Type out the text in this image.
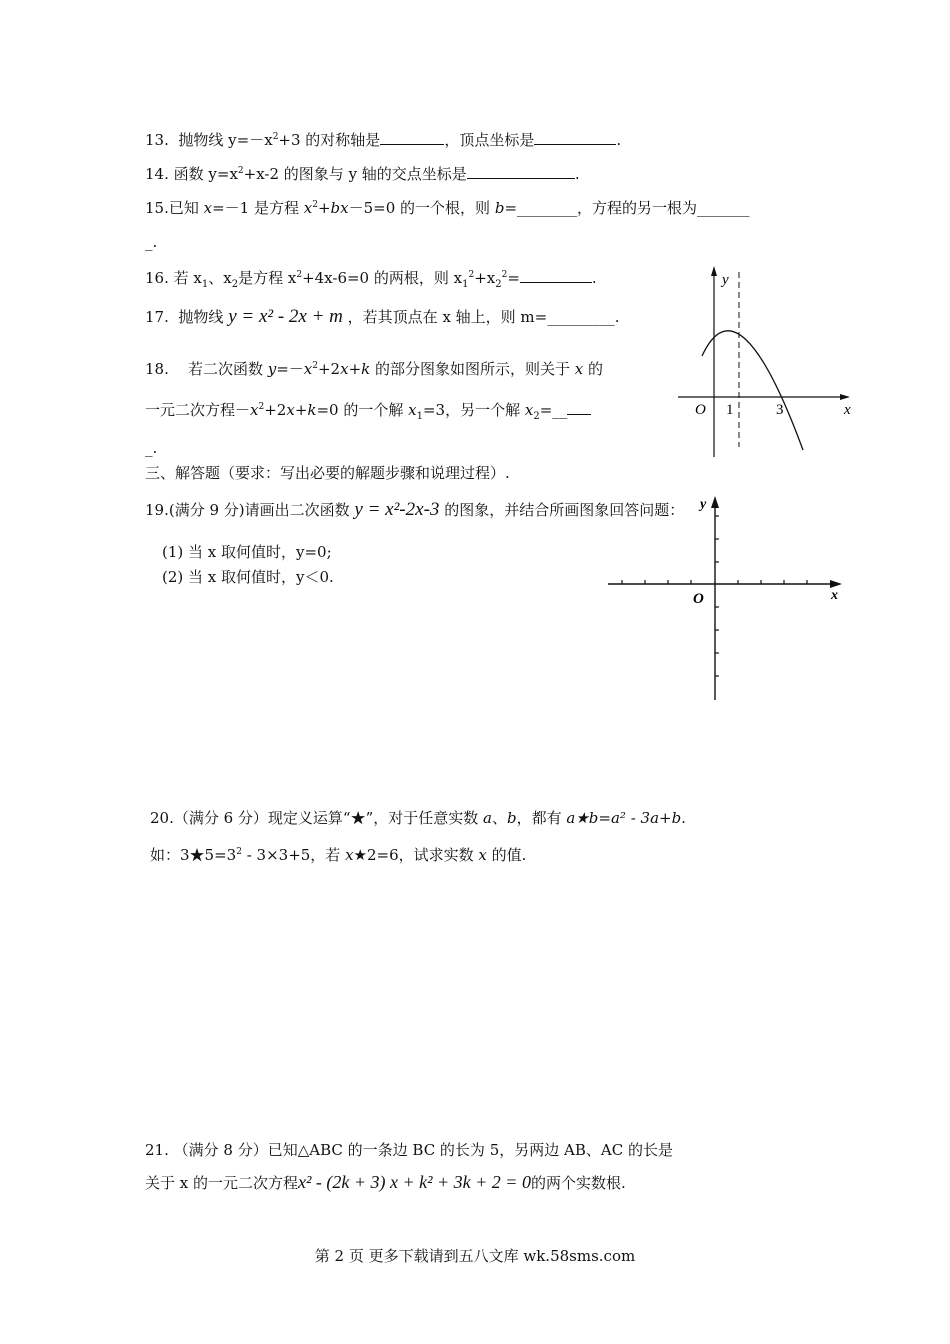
13. 抛物线 $y=-x^2+3$ 的对称轴是	，顶点坐标是	.
14. 函数 $y=x^2+x-2$ 的图象与 y 轴的交点坐标是	.
15.已知 x=－1 是方程 $x^2+bx-5=0$ 的一个根，则 b=________，方程的另一根为_______
_.
16. 若 $x_1$、$x_2$是方程 $x^2+4x-6=0$ 的两根，则 $x_1^2+x_2^2=$	.
17. 抛物线 y = x² - 2x + m ，若其顶点在 x 轴上，则 m=_________.
18. 若二次函数 $y=-x^2+2x+k$ 的部分图象如图所示，则关于 x 的
一元二次方程$-x^2+2x+k=0$ 的一个解 $x_1=3$，另一个解 $x_2=\_\_$
_.
y
x
O 1	3
三、解答题（要求：写出必要的解题步骤和说理过程）.
19.(满分 9 分)请画出二次函数 y = x²-2x-3 的图象，并结合所画图象回答问题：
(1) 当 x 取何值时，y=0;
(2) 当 x 取何值时，y＜0.
y
x
O
20.（满分 6 分）现定义运算“★”，对于任意实数 a、b，都有 a★b=a² - 3a+b.
如：$3★5=3^2 - 3\times 3+5$，若 x★2=6，试求实数 x 的值.
21. （满分 8 分）已知△ABC 的一条边 BC 的长为 5，另两边 AB、AC 的长是
关于 x 的一元二次方程x² - (2k + 3) x + k² + 3k + 2 = 0的两个实数根.
第 2 页 更多下载请到五八文库 wk.58sms.com
